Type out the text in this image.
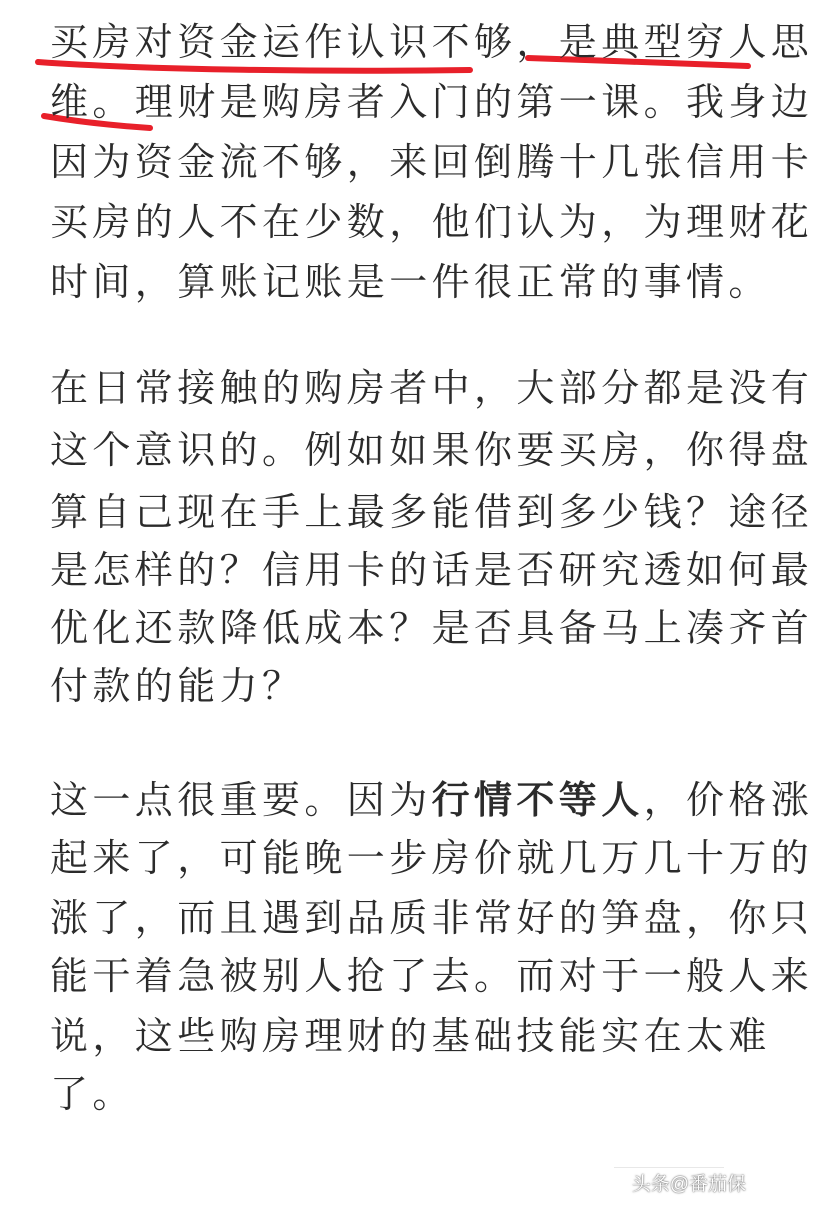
买房对资金运作认识不够，是典型穷人思
维。理财是购房者入门的第一课。我身边
因为资金流不够，来回倒腾十几张信用卡
买房的人不在少数，他们认为，为理财花
时间，算账记账是一件很正常的事情。
在日常接触的购房者中，大部分都是没有
这个意识的。例如如果你要买房，你得盘
算自己现在手上最多能借到多少钱？途径
是怎样的？信用卡的话是否研究透如何最
优化还款降低成本？是否具备马上凑齐首
付款的能力？
这一点很重要。因为行情不等人，价格涨
起来了，可能晚一步房价就几万几十万的
涨了，而且遇到品质非常好的笋盘，你只
能干着急被别人抢了去。而对于一般人来
说，这些购房理财的基础技能实在太难
了。
头条@番茄保
